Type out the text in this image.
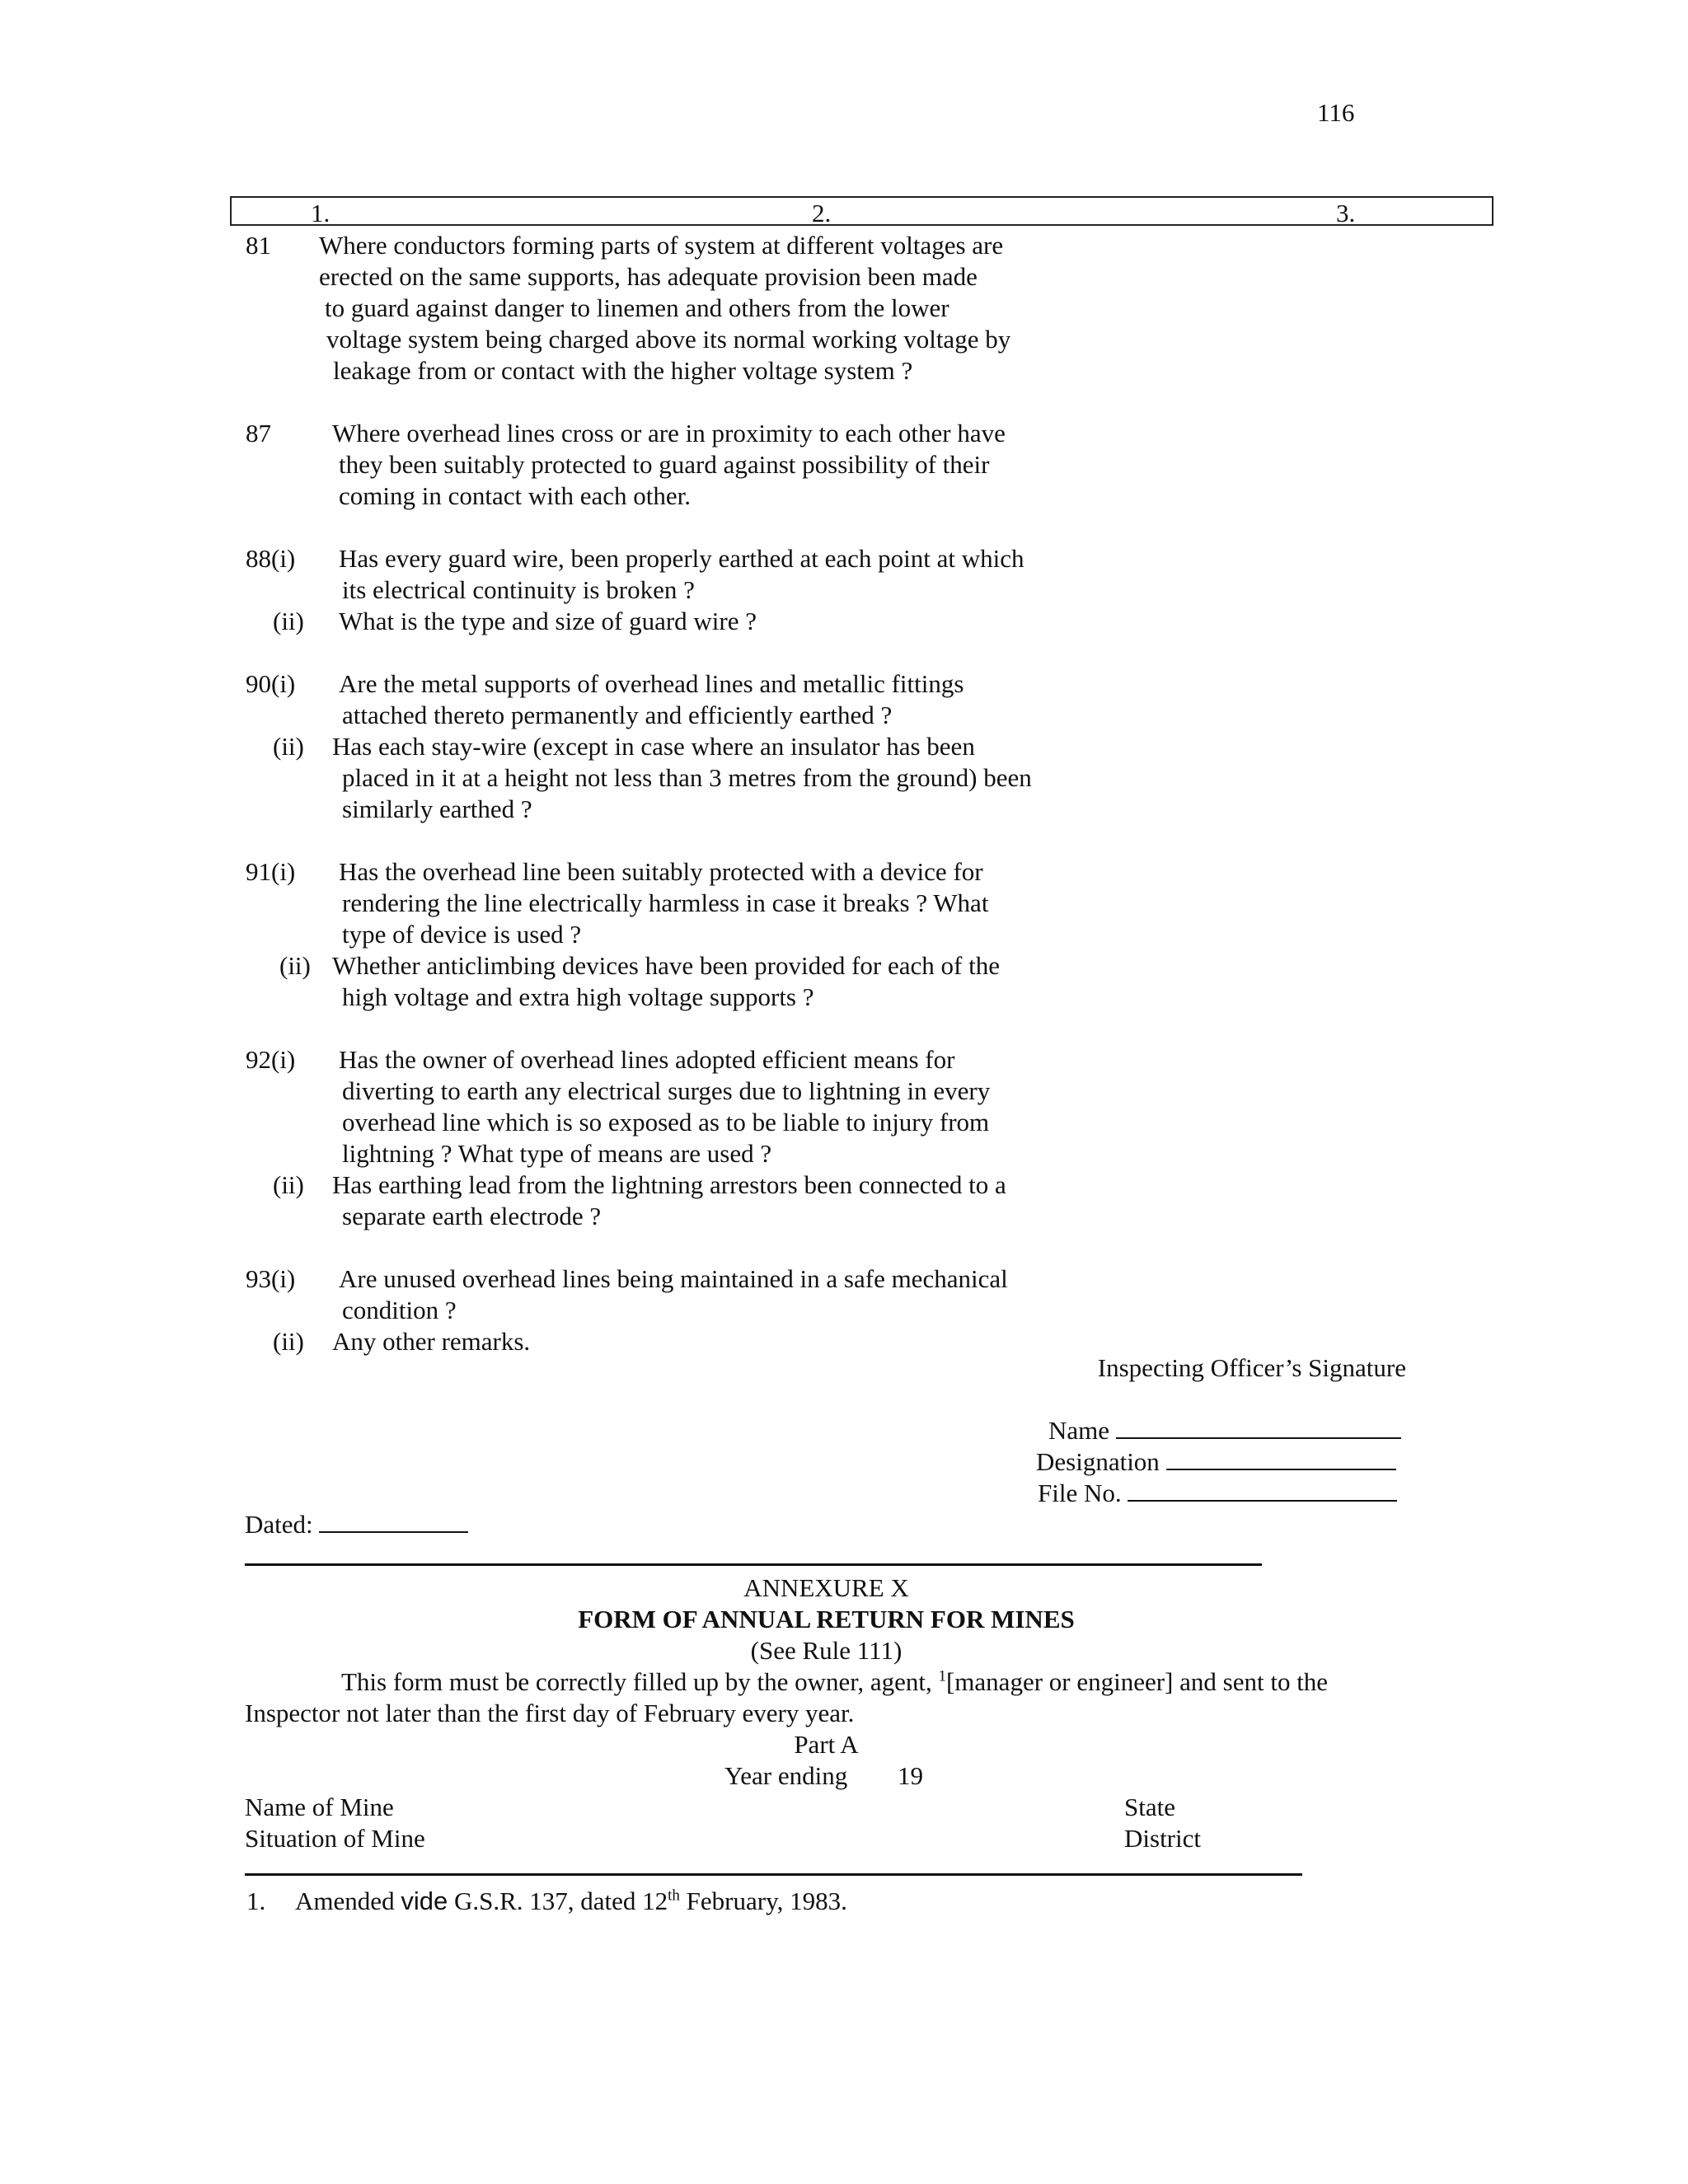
116
1.	2.	3.
81 Where conductors forming parts of system at different voltages are
erected on the same supports, has adequate provision been made
to guard against danger to linemen and others from the lower
voltage system being charged above its normal working voltage by
leakage from or contact with the higher voltage system ?
87 Where overhead lines cross or are in proximity to each other have
they been suitably protected to guard against possibility of their
coming in contact with each other.
88(i) Has every guard wire, been properly earthed at each point at which
its electrical continuity is broken ?
(ii) What is the type and size of guard wire ?
90(i) Are the metal supports of overhead lines and metallic fittings
attached thereto permanently and efficiently earthed ?
(ii) Has each stay-wire (except in case where an insulator has been
placed in it at a height not less than 3 metres from the ground) been
similarly earthed ?
91(i) Has the overhead line been suitably protected with a device for
rendering the line electrically harmless in case it breaks ? What
type of device is used ?
(ii) Whether anticlimbing devices have been provided for each of the
high voltage and extra high voltage supports ?
92(i) Has the owner of overhead lines adopted efficient means for
diverting to earth any electrical surges due to lightning in every
overhead line which is so exposed as to be liable to injury from
lightning ? What type of means are used ?
(ii) Has earthing lead from the lightning arrestors been connected to a
separate earth electrode ?
93(i) Are unused overhead lines being maintained in a safe mechanical
condition ?
(ii) Any other remarks.
Inspecting Officer’s Signature
Name
Designation
File No.
Dated:
ANNEXURE X
FORM OF ANNUAL RETURN FOR MINES
(See Rule 111)
This form must be correctly filled up by the owner, agent, $^1$[manager or engineer] and sent to the
Inspector not later than the first day of February every year.
Part A
Year ending 19
Name of Mine	State
Situation of Mine	District
1. Amended vide G.S.R. 137, dated 12th February, 1983.
